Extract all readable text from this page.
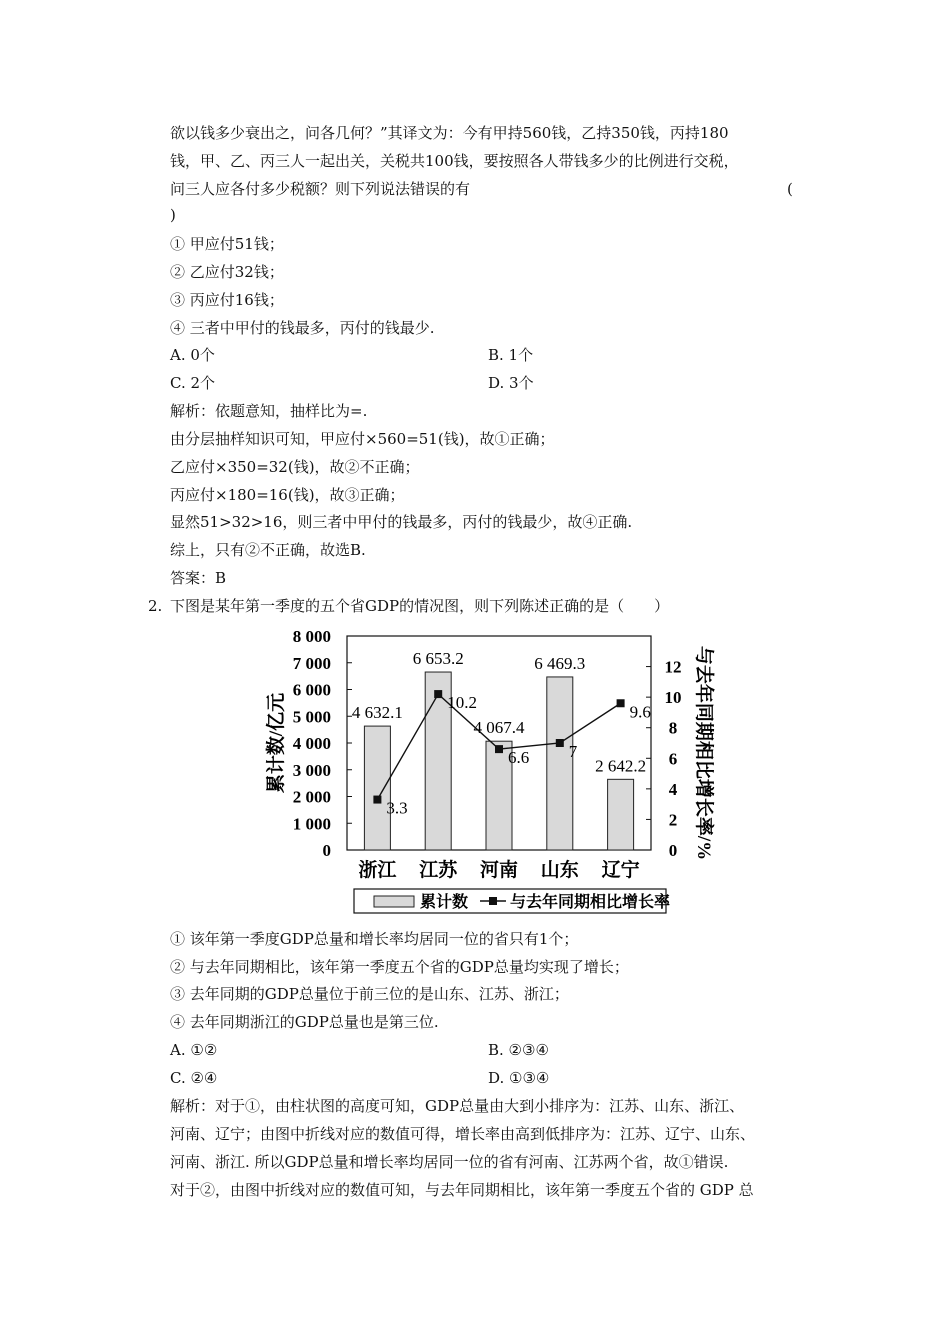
欲以钱多少衰出之，问各几何？”其译文为：今有甲持560钱，乙持350钱，丙持180
钱，甲、乙、丙三人一起出关，关税共100钱，要按照各人带钱多少的比例进行交税，
问三人应各付多少税额？则下列说法错误的有	(
)
① 甲应付51钱；
② 乙应付32钱；
③ 丙应付16钱；
④ 三者中甲付的钱最多，丙付的钱最少.
A. 0个	B. 1个
C. 2个	D. 3个
解析：依题意知，抽样比为=.
由分层抽样知识可知，甲应付×560=51(钱)，故①正确；
乙应付×350=32(钱)，故②不正确；
丙应付×180=16(钱)，故③正确；
显然51>32>16，则三者中甲付的钱最多，丙付的钱最少，故④正确.
综上，只有②不正确，故选B.
答案：B
2. 下图是某年第一季度的五个省GDP的情况图，则下列陈述正确的是（　　）
0
1 000
2 000
3 000
4 000
5 000
6 000
7 000
8 000
0
2
4
6
8
10
12
累计数/亿元	与去年同期相比增长率/%
4 632.1
6 653.2
4 067.4
6 469.3
2 642.2
浙江 江苏 河南 山东 辽宁
3.3
10.2
6.6 7
9.6
累计数	与去年同期相比增长率
① 该年第一季度GDP总量和增长率均居同一位的省只有1个；
② 与去年同期相比，该年第一季度五个省的GDP总量均实现了增长；
③ 去年同期的GDP总量位于前三位的是山东、江苏、浙江；
④ 去年同期浙江的GDP总量也是第三位.
A. ①②	B. ②③④
C. ②④	D. ①③④
解析：对于①，由柱状图的高度可知，GDP总量由大到小排序为：江苏、山东、浙江、
河南、辽宁；由图中折线对应的数值可得，增长率由高到低排序为：江苏、辽宁、山东、
河南、浙江. 所以GDP总量和增长率均居同一位的省有河南、江苏两个省，故①错误.
对于②，由图中折线对应的数值可知，与去年同期相比，该年第一季度五个省的 GDP 总
